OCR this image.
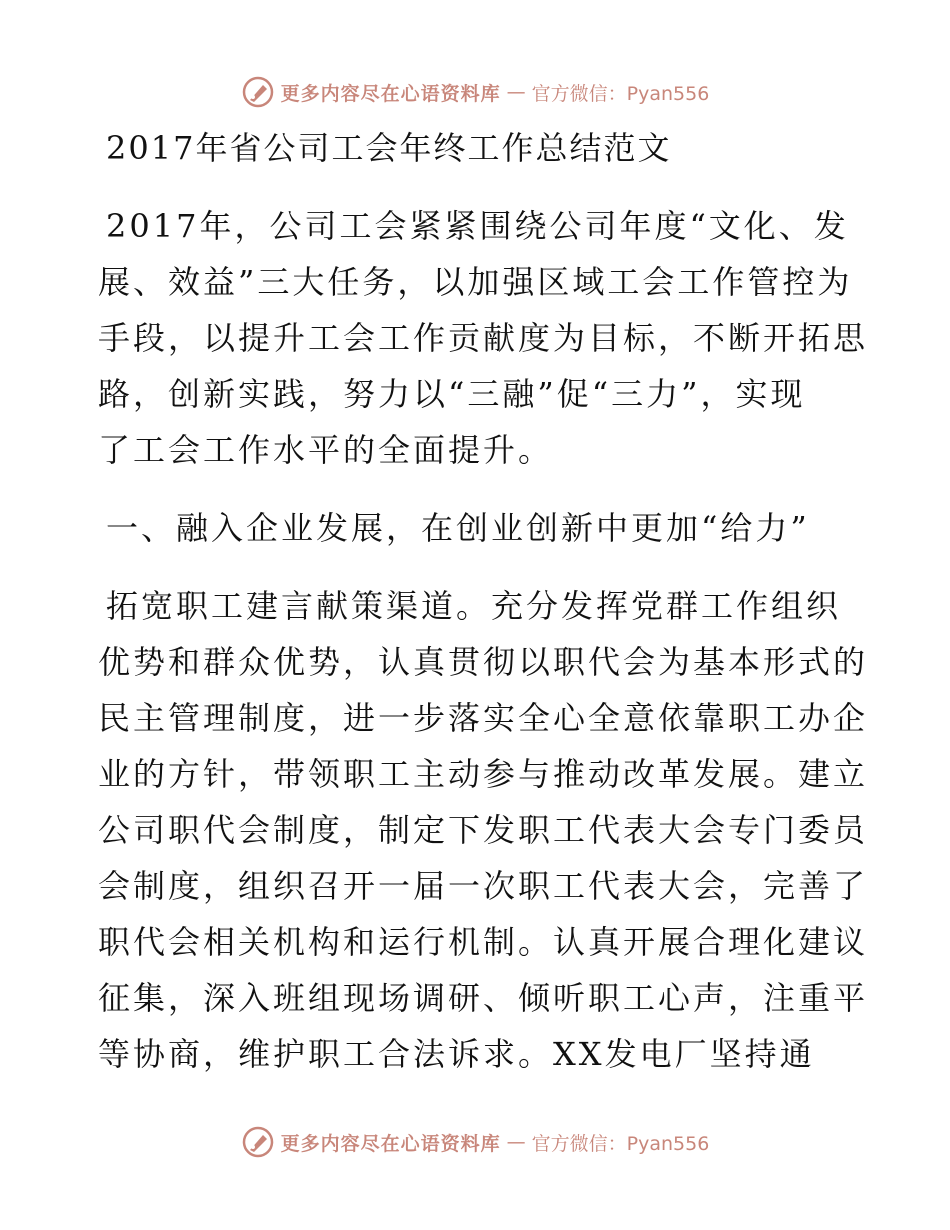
更多内容尽在心语资料库 — 官方微信：Pyan556
2017年省公司工会年终工作总结范文

2017年，公司工会紧紧围绕公司年度“文化、发
展、效益”三大任务，以加强区域工会工作管控为
手段，以提升工会工作贡献度为目标，不断开拓思
路，创新实践，努力以“三融”促“三力”，实现
了工会工作水平的全面提升。

一、融入企业发展，在创业创新中更加“给力”

拓宽职工建言献策渠道。充分发挥党群工作组织
优势和群众优势，认真贯彻以职代会为基本形式的
民主管理制度，进一步落实全心全意依靠职工办企
业的方针，带领职工主动参与推动改革发展。建立
公司职代会制度，制定下发职工代表大会专门委员
会制度，组织召开一届一次职工代表大会，完善了
职代会相关机构和运行机制。认真开展合理化建议
征集，深入班组现场调研、倾听职工心声，注重平
等协商，维护职工合法诉求。XX发电厂坚持通

更多内容尽在心语资料库 — 官方微信：Pyan556
